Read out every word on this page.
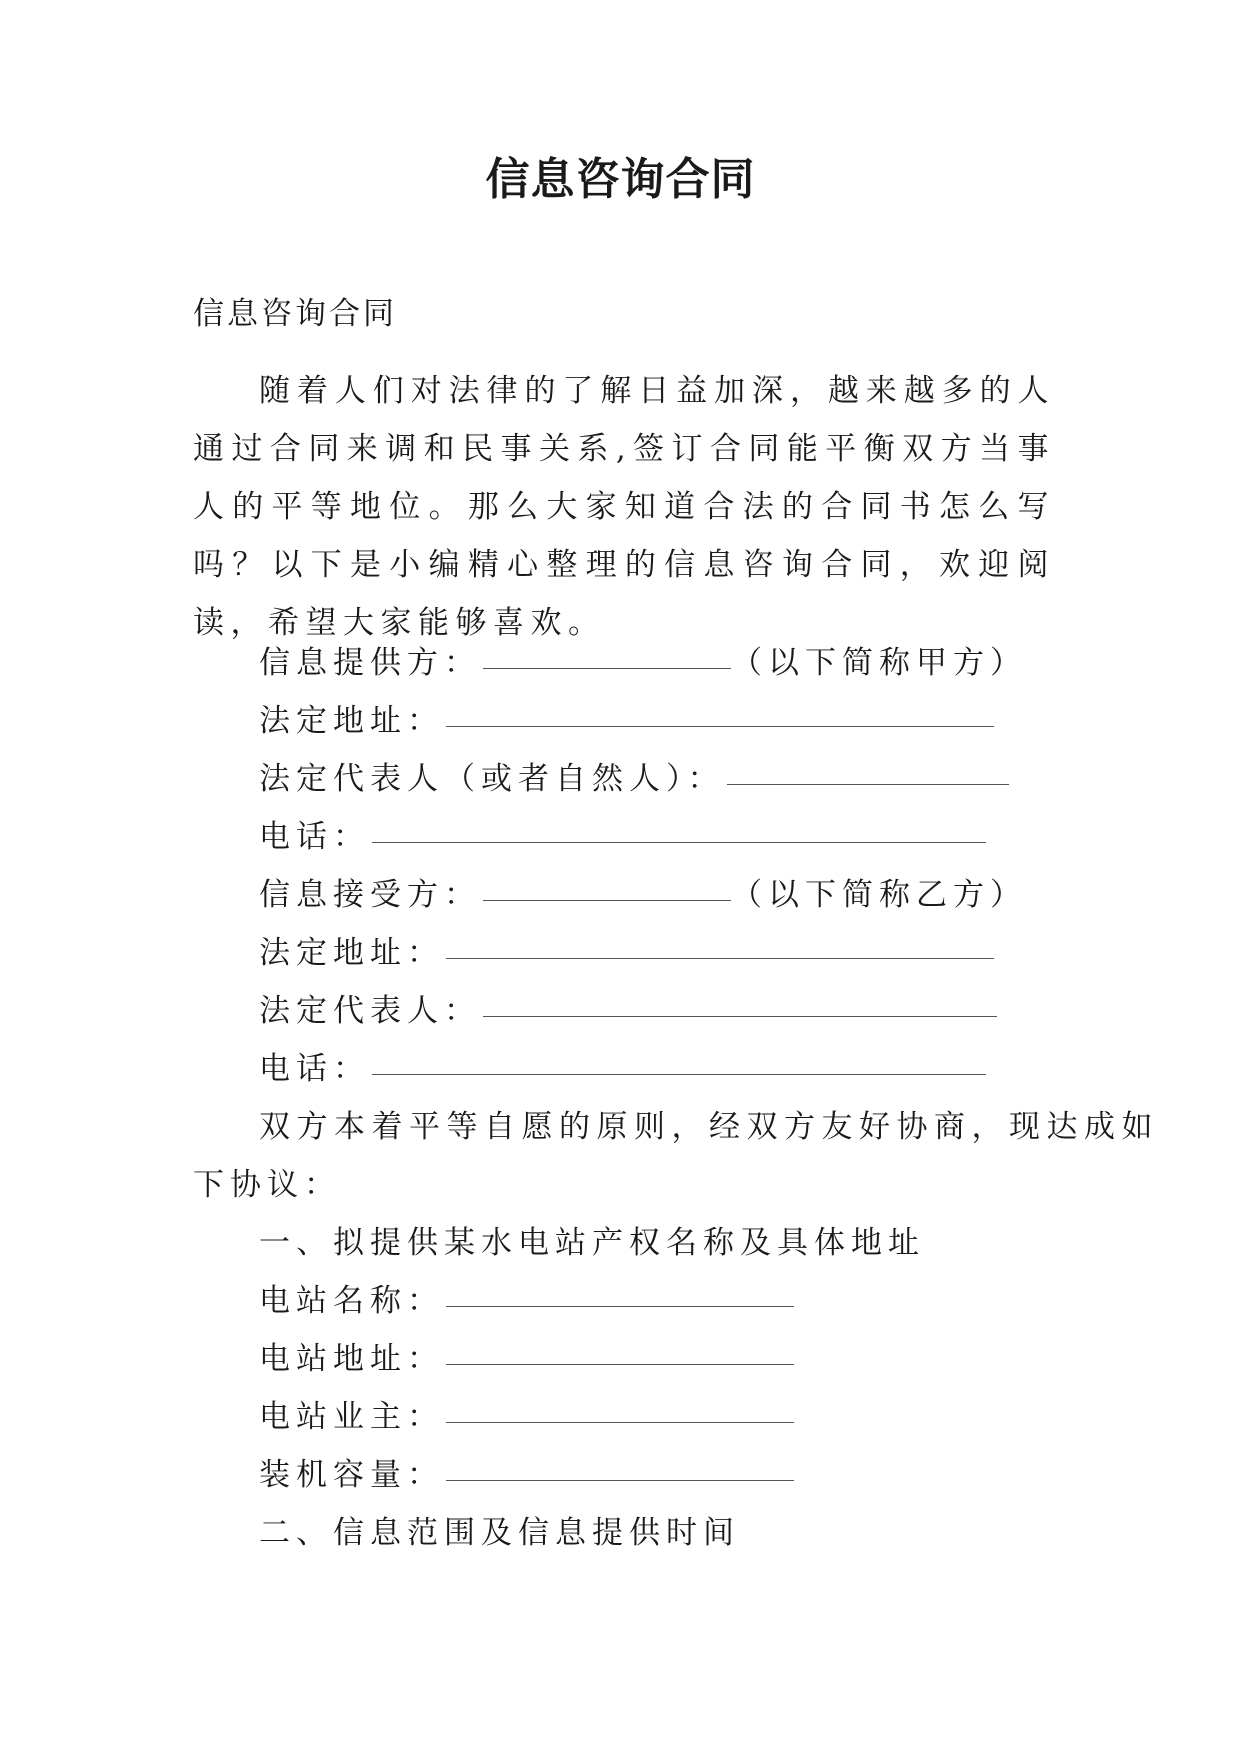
信息咨询合同
信息咨询合同
随着人们对法律的了解日益加深，越来越多的人通过合同来调和民事关系,签订合同能平衡双方当事人的平等地位。那么大家知道合法的合同书怎么写吗？以下是小编精心整理的信息咨询合同，欢迎阅读，希望大家能够喜欢。
信息提供方：	（以下简称甲方）
法定地址：
法定代表人（或者自然人）：
电话：
信息接受方：	（以下简称乙方）
法定地址：
法定代表人：
电话：
双方本着平等自愿的原则，经双方友好协商，现达成如
下协议：
一、拟提供某水电站产权名称及具体地址
电站名称：
电站地址：
电站业主：
装机容量：
二、信息范围及信息提供时间
